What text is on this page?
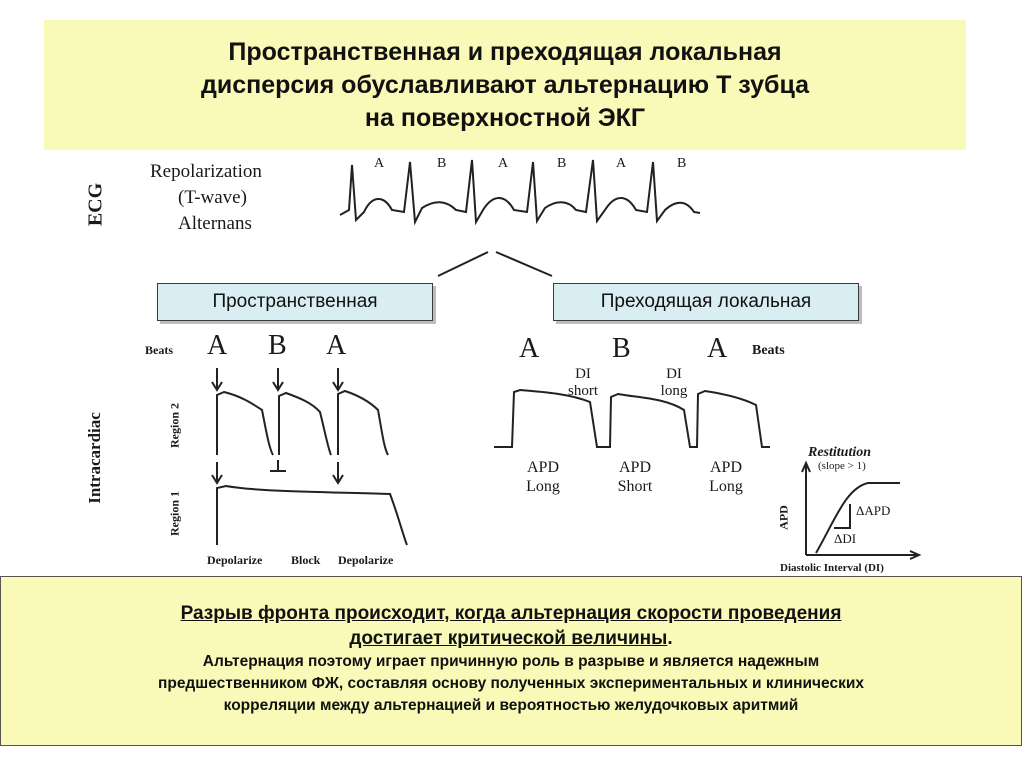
Пространственная и преходящая локальная
дисперсия обуславливают альтернацию Т зубца
на поверхностной ЭКГ
ECG
Repolarization
(T-wave)
Alternans
A	B	A	B	A	B
Пространственная	Преходящая локальная
Beats A B A
Intracardiac	Region 2
Region 1
Depolarize Block Depolarize
A	B	A Beats
DI
short
DI
long
APD
Long
APD
Short
APD
Long
Restitution
(slope > 1)
APD
Diastolic Interval (DI)
ΔAPD
ΔDI
Разрыв фронта происходит, когда альтернация скорости проведения
достигает критической величины.
Альтернация поэтому играет причинную роль в разрыве и является надежным
предшественником ФЖ, составляя основу полученных экспериментальных и клинических
корреляции между альтернацией и вероятностью желудочковых аритмий
